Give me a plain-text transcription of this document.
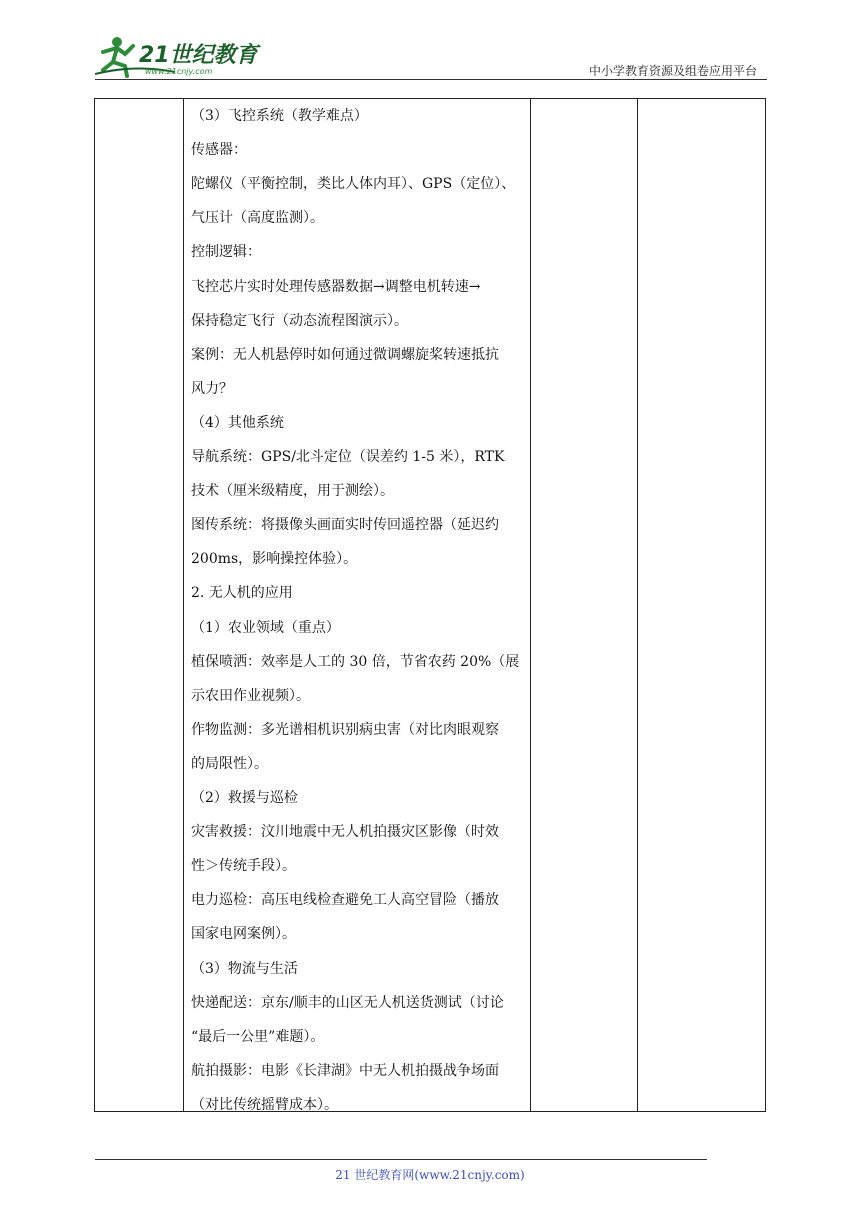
21世纪教育
www.21cnjy.com	中小学教育资源及组卷应用平台
（3）飞控系统（教学难点）
传感器：
陀螺仪（平衡控制，类比人体内耳）、GPS（定位）、
气压计（高度监测）。
控制逻辑：
飞控芯片实时处理传感器数据→调整电机转速→
保持稳定飞行（动态流程图演示）。
案例：无人机悬停时如何通过微调螺旋桨转速抵抗
风力？
（4）其他系统
导航系统：GPS/北斗定位（误差约 1-5 米），RTK
技术（厘米级精度，用于测绘）。
图传系统：将摄像头画面实时传回遥控器（延迟约
200ms，影响操控体验）。
2. 无人机的应用
（1）农业领域（重点）
植保喷洒：效率是人工的 30 倍，节省农药 20%（展
示农田作业视频）。
作物监测：多光谱相机识别病虫害（对比肉眼观察
的局限性）。
（2）救援与巡检
灾害救援：汶川地震中无人机拍摄灾区影像（时效
性＞传统手段）。
电力巡检：高压电线检查避免工人高空冒险（播放
国家电网案例）。
（3）物流与生活
快递配送：京东/顺丰的山区无人机送货测试（讨论
“最后一公里”难题）。
航拍摄影：电影《长津湖》中无人机拍摄战争场面
（对比传统摇臂成本）。
21 世纪教育网(www.21cnjy.com)
